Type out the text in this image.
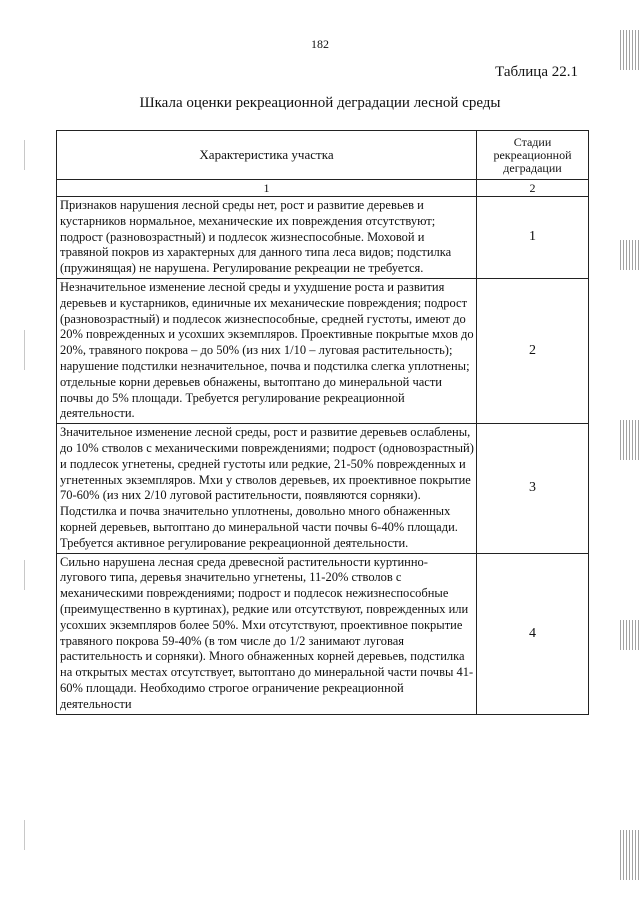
182
Таблица 22.1
Шкала оценки рекреационной деградации лесной среды
Характеристика участка	Стадии рекреационной деградации
1	2
Признаков нарушения лесной среды нет, рост и развитие деревьев и кустарников нормальное, механические их повреждения отсутствуют; подрост (разновозрастный) и подлесок жизнеспособные. Моховой и травяной покров из характерных для данного типа леса видов; подстилка (пружинящая) не нарушена. Регулирование рекреации не требуется.	1
Незначительное изменение лесной среды и ухудшение роста и развития деревьев и кустарников, единичные их механические повреждения; подрост (разновозрастный) и подлесок жизнеспособные, средней густоты, имеют до 20% поврежденных и усохших экземпляров. Проективные покрытые мхов до 20%, травяного покрова – до 50% (из них 1/10 – луговая растительность); нарушение подстилки незначительное, почва и подстилка слегка уплотнены; отдельные корни деревьев обнажены, вытоптано до минеральной части почвы до 5% площади. Требуется регулирование рекреационной деятельности.	2
Значительное изменение лесной среды, рост и развитие деревьев ослаблены, до 10% стволов с механическими повреждениями; подрост (одновозрастный) и подлесок угнетены, средней густоты или редкие, 21-50% поврежденных и угнетенных экземпляров. Мхи у стволов деревьев, их проективное покрытие 70-60% (из них 2/10 луговой растительности, появляются сорняки). Подстилка и почва значительно уплотнены, довольно много обнаженных корней деревьев, вытоптано до минеральной части почвы 6-40% площади. Требуется активное регулирование рекреационной деятельности.	3
Сильно нарушена лесная среда древесной растительности куртинно-лугового типа, деревья значительно угнетены, 11-20% стволов с механическими повреждениями; подрост и подлесок нежизнеспособные (преимущественно в куртинах), редкие или отсутствуют, поврежденных или усохших экземпляров более 50%. Мхи отсутствуют, проективное покрытие травяного покрова 59-40% (в том числе до 1/2 занимают луговая растительность и сорняки). Много обнаженных корней деревьев, подстилка на открытых местах отсутствует, вытоптано до минеральной части почвы 41-60% площади. Необходимо строгое ограничение рекреационной деятельности	4
